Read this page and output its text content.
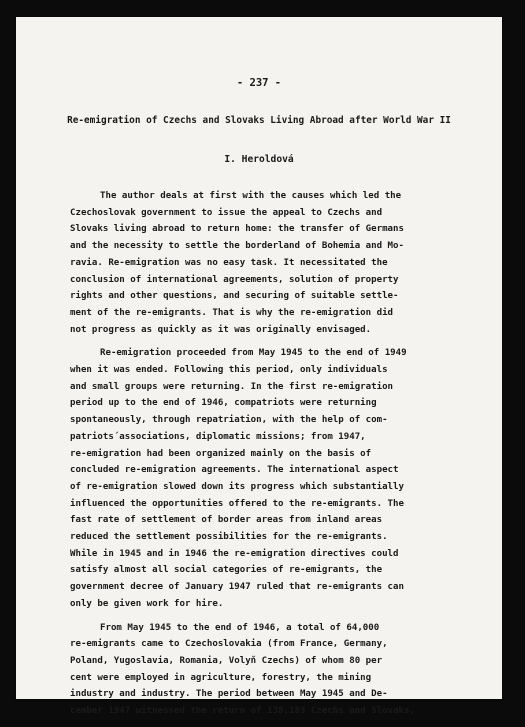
- 237 -
Re-emigration of Czechs and Slovaks Living Abroad after World War II
I. Heroldová

The author deals at first with the causes which led the
Czechoslovak government to issue the appeal to Czechs and
Slovaks living abroad to return home: the transfer of Germans
and the necessity to settle the borderland of Bohemia and Mo-
ravia. Re-emigration was no easy task. It necessitated the
conclusion of international agreements, solution of property
rights and other questions, and securing of suitable settle-
ment of the re-emigrants. That is why the re-emigration did
not progress as quickly as it was originally envisaged.

Re-emigration proceeded from May 1945 to the end of 1949
when it was ended. Following this period, only individuals
and small groups were returning. In the first re-emigration
period up to the end of 1946, compatriots were returning
spontaneously, through repatriation, with the help of com-
patriots´associations, diplomatic missions; from 1947,
re-emigration had been organized mainly on the basis of
concluded re-emigration agreements. The international aspect
of re-emigration slowed down its progress which substantially
influenced the opportunities offered to the re-emigrants. The
fast rate of settlement of border areas from inland areas
reduced the settlement possibilities for the re-emigrants.
While in 1945 and in 1946 the re-emigration directives could
satisfy almost all social categories of re-emigrants, the
government decree of January 1947 ruled that re-emigrants can
only be given work for hire.

From May 1945 to the end of 1946, a total of 64,000
re-emigrants came to Czechoslovakia (from France, Germany,
Poland, Yugoslavia, Romania, Volyň Czechs) of whom 80 per
cent were employed in agriculture, forestry, the mining
industry and industry. The period between May 1945 and De-
cember 1947 witnessed the return of 138,183 Czechs and Slovaks,
